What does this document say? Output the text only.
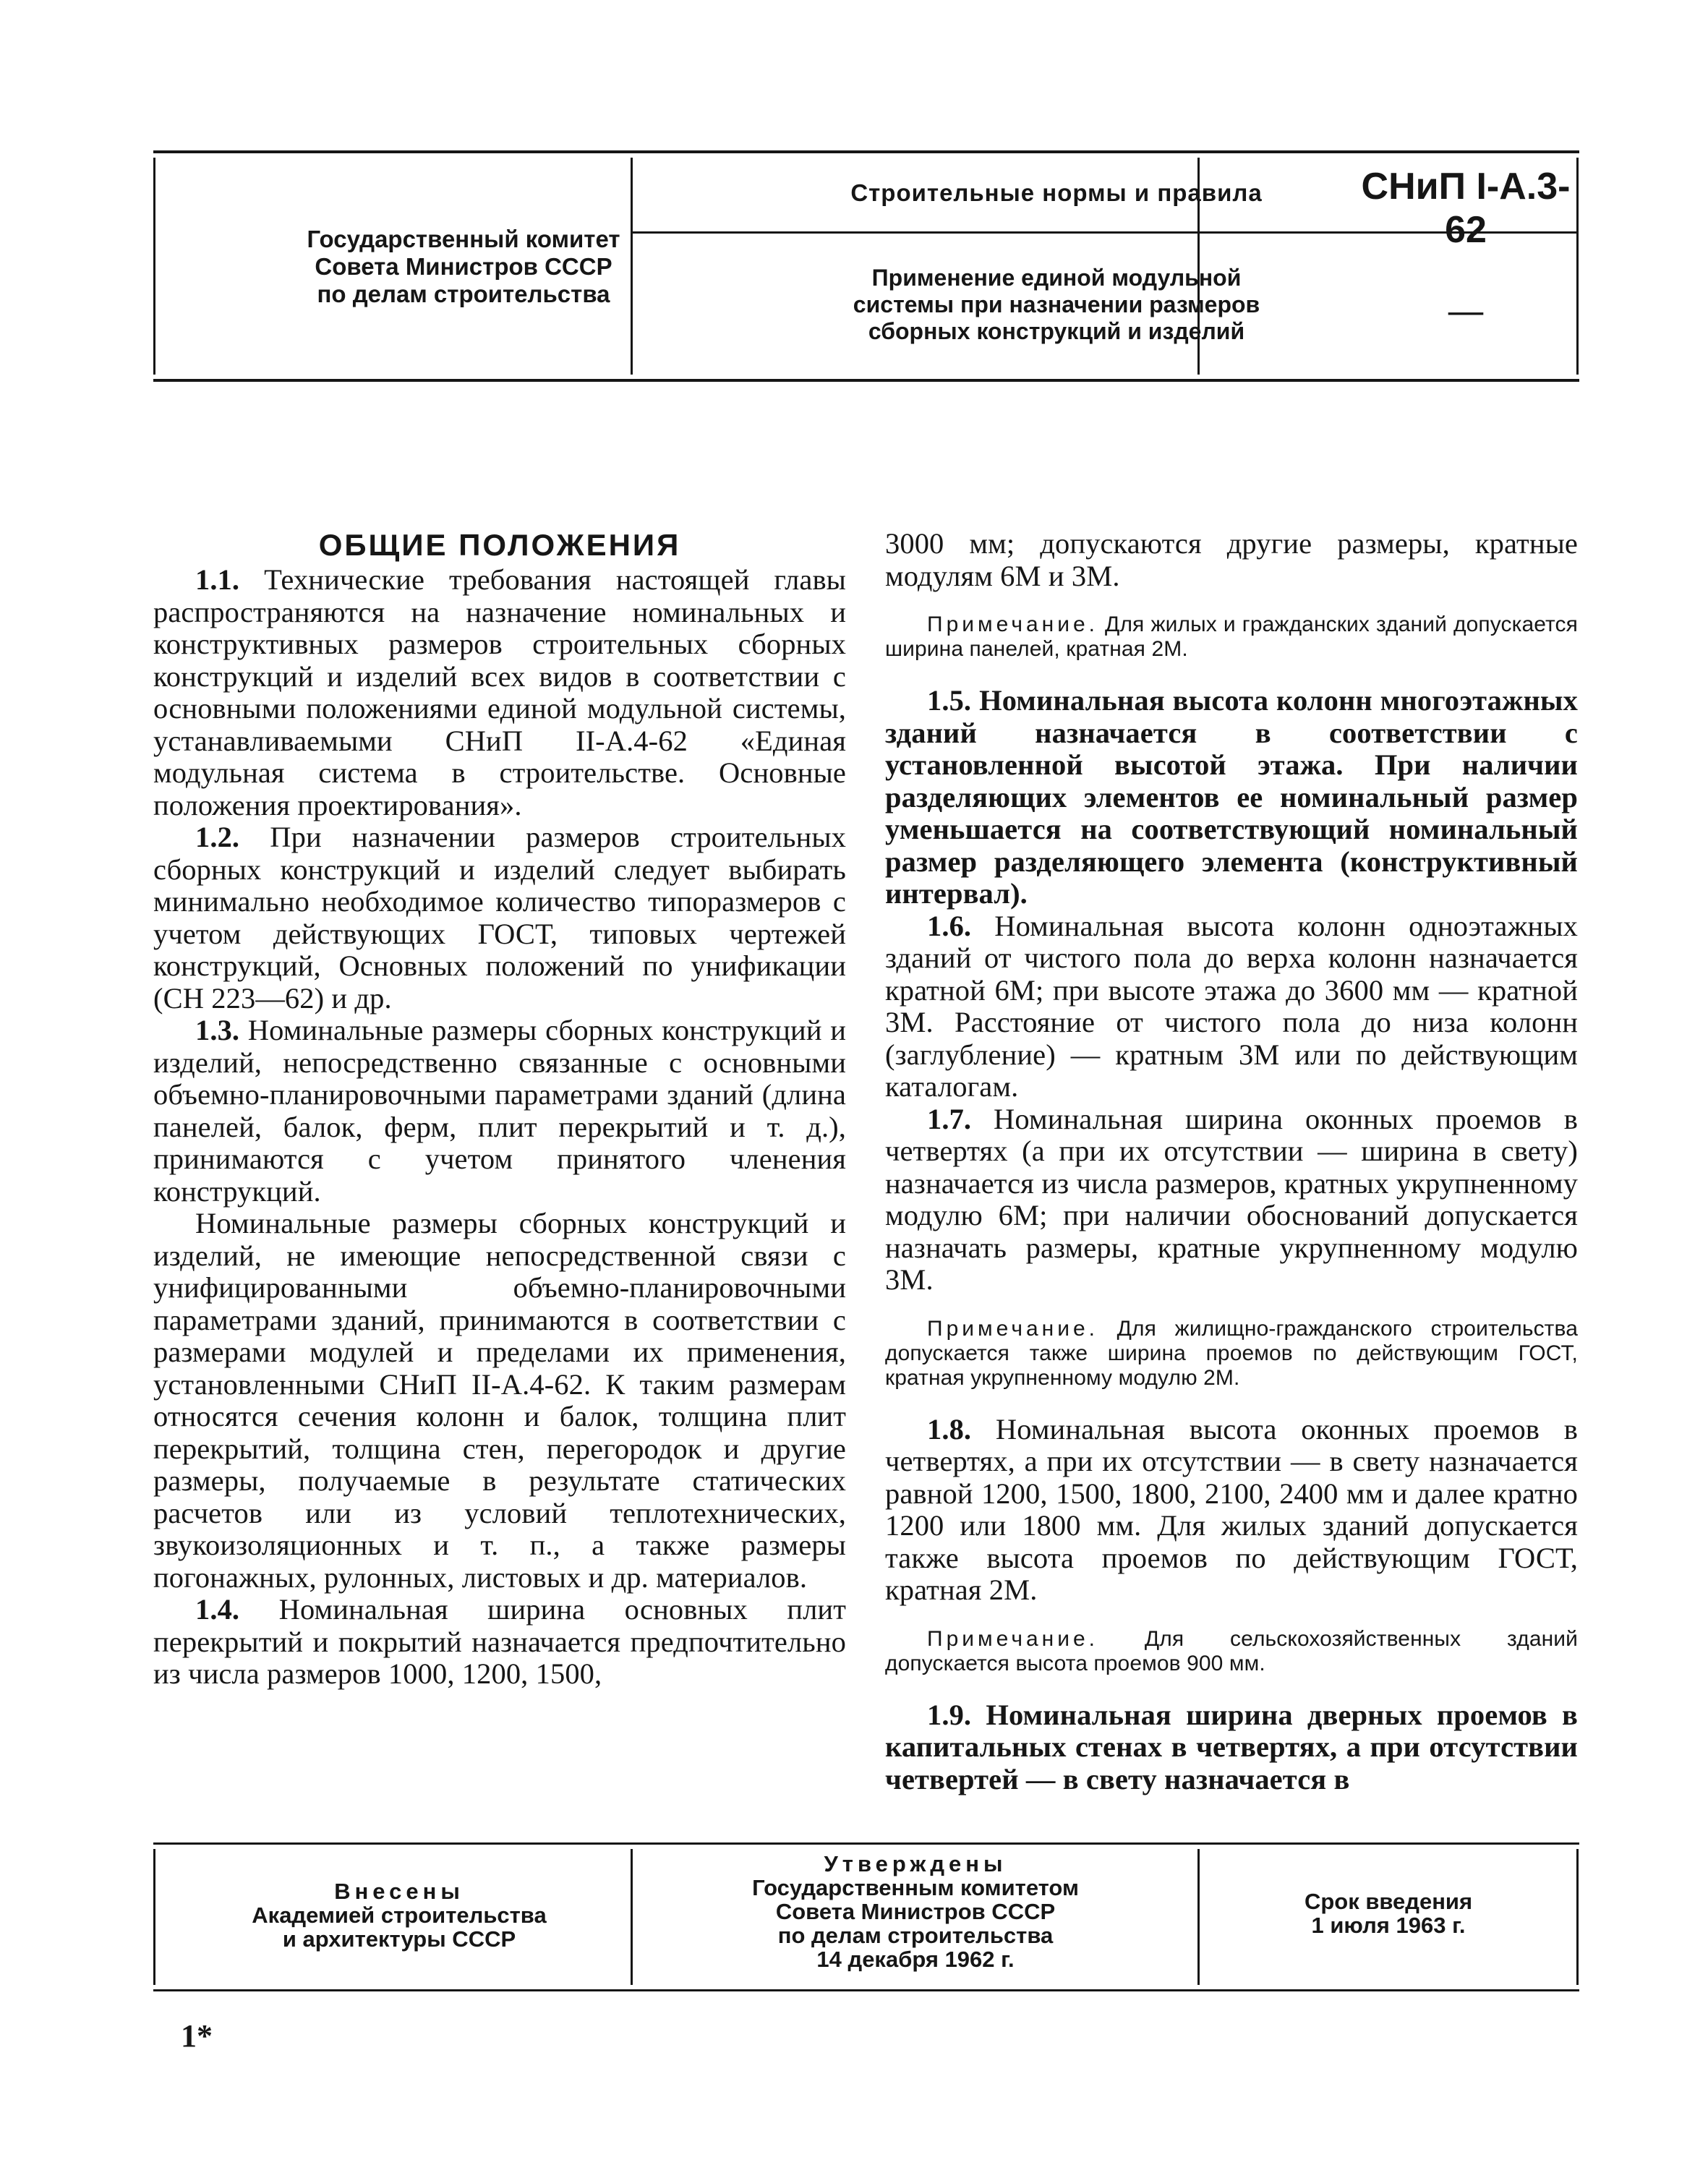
Государственный комитет
Совета Министров СССР
по делам строительства
Строительные нормы и правила	СНиП I-А.3-62
Применение единой модульной
системы при назначении размеров
сборных конструкций и изделий
—
ОБЩИЕ ПОЛОЖЕНИЯ

1.1. Технические требования настоящей главы распространяются на назначение номинальных и конструктивных размеров строительных сборных конструкций и изделий всех видов в соответствии с основными положениями единой модульной системы, устанавливаемыми СНиП II-А.4-62 «Единая модульная система в строительстве. Основные положения проектирования».

1.2. При назначении размеров строительных сборных конструкций и изделий следует выбирать минимально необходимое количество типоразмеров с учетом действующих ГОСТ, типовых чертежей конструкций, Основных положений по унификации (СН 223—62) и др.

1.3. Номинальные размеры сборных конструкций и изделий, непосредственно связанные с основными объемно-планировочными параметрами зданий (длина панелей, балок, ферм, плит перекрытий и т. д.), принимаются с учетом принятого членения конструкций.

Номинальные размеры сборных конструкций и изделий, не имеющие непосредственной связи с унифицированными объемно-планировочными параметрами зданий, принимаются в соответствии с размерами модулей и пределами их применения, установленными СНиП II-А.4-62. К таким размерам относятся сечения колонн и балок, толщина плит перекрытий, толщина стен, перегородок и другие размеры, получаемые в результате статических расчетов или из условий теплотехнических, звукоизоляционных и т. п., а также размеры погонажных, рулонных, листовых и др. материалов.

1.4. Номинальная ширина основных плит перекрытий и покрытий назначается предпочтительно из числа размеров 1000, 1200, 1500,

3000 мм; допускаются другие размеры, кратные модулям 6М и 3М.

Примечание. Для жилых и гражданских зданий допускается ширина панелей, кратная 2М.

1.5. Номинальная высота колонн многоэтажных зданий назначается в соответствии с установленной высотой этажа. При наличии разделяющих элементов ее номинальный размер уменьшается на соответствующий номинальный размер разделяющего элемента (конструктивный интервал).

1.6. Номинальная высота колонн одноэтажных зданий от чистого пола до верха колонн назначается кратной 6М; при высоте этажа до 3600 мм — кратной 3М. Расстояние от чистого пола до низа колонн (заглубление) — кратным 3М или по действующим каталогам.

1.7. Номинальная ширина оконных проемов в четвертях (а при их отсутствии — ширина в свету) назначается из числа размеров, кратных укрупненному модулю 6М; при наличии обоснований допускается назначать размеры, кратные укрупненному модулю 3М.

Примечание. Для жилищно-гражданского строительства допускается также ширина проемов по действующим ГОСТ, кратная укрупненному модулю 2М.

1.8. Номинальная высота оконных проемов в четвертях, а при их отсутствии — в свету назначается равной 1200, 1500, 1800, 2100, 2400 мм и далее кратно 1200 или 1800 мм. Для жилых зданий допускается также высота проемов по действующим ГОСТ, кратная 2М.

Примечание. Для сельскохозяйственных зданий допускается высота проемов 900 мм.

1.9. Номинальная ширина дверных проемов в капитальных стенах в четвертях, а при отсутствии четвертей — в свету назначается в

Внесены
Академией строительства
и архитектуры СССР
Утверждены
Государственным комитетом
Совета Министров СССР
по делам строительства
14 декабря 1962 г.
Срок введения
1 июля 1963 г.
1*
